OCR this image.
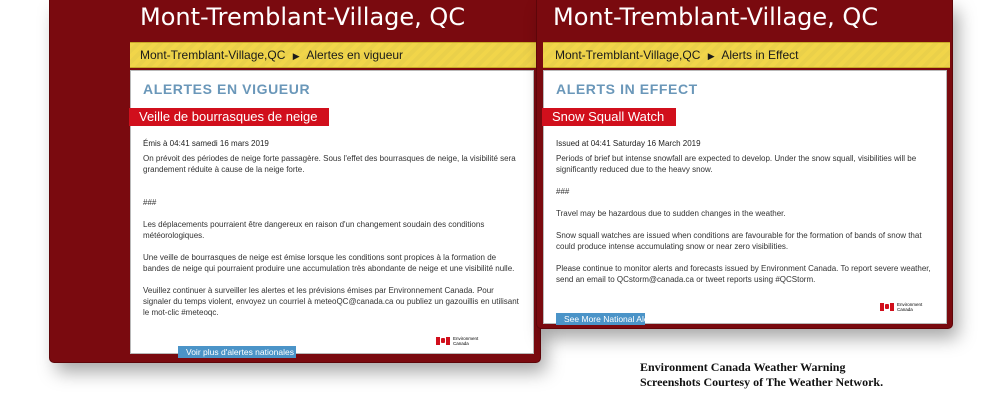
Mont-Tremblant-Village, QC
Mont-Tremblant-Village,QC ▶ Alertes en vigueur
ALERTES EN VIGUEUR
Veille de bourrasques de neige
Émis à 04:41 samedi 16 mars 2019

On prévoit des périodes de neige forte passagère. Sous l'effet des bourrasques de neige, la visibilité sera grandement réduite à cause de la neige forte.

###

Les déplacements pourraient être dangereux en raison d'un changement soudain des conditions météorologiques.

Une veille de bourrasques de neige est émise lorsque les conditions sont propices à la formation de bandes de neige qui pourraient produire une accumulation très abondante de neige et une visibilité nulle.

Veuillez continuer à surveiller les alertes et les prévisions émises par Environnement Canada. Pour signaler du temps violent, envoyez un courriel à meteoQC@canada.ca ou publiez un gazouillis en utilisant le mot-clic #meteoqc.

Environment
Canada
Voir plus d'alertes nationales
Mont-Tremblant-Village, QC
Mont-Tremblant-Village,QC ▶ Alerts in Effect
ALERTS IN EFFECT
Snow Squall Watch
Issued at 04:41 Saturday 16 March 2019

Periods of brief but intense snowfall are expected to develop. Under the snow squall, visibilities will be significantly reduced due to the heavy snow.

###

Travel may be hazardous due to sudden changes in the weather.

Snow squall watches are issued when conditions are favourable for the formation of bands of snow that could produce intense accumulating snow or near zero visibilities.

Please continue to monitor alerts and forecasts issued by Environment Canada. To report severe weather, send an email to QCstorm@canada.ca or tweet reports using #QCStorm.

Environment
Canada
See More National Alerts
Environment Canada Weather Warning
Screenshots Courtesy of The Weather Network.
